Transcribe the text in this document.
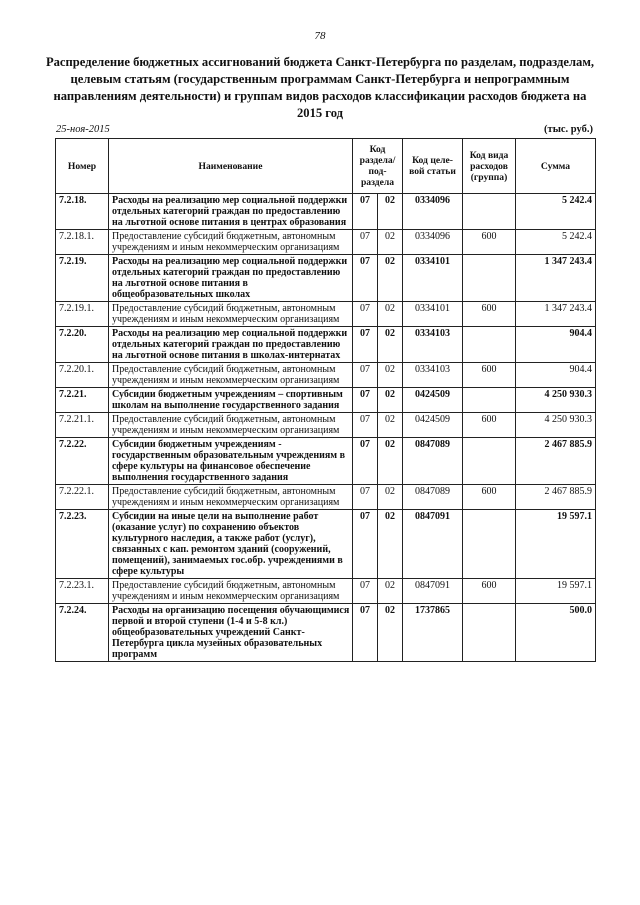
78
Распределение бюджетных ассигнований бюджета Санкт-Петербурга по разделам, подразделам, целевым статьям (государственным программам Санкт-Петербурга и непрограммным направлениям деятельности) и группам видов расходов классификации расходов бюджета на 2015 год
25-ноя-2015	(тыс. руб.)
Номер	Наименование	Код раздела/ под-раздела		Код целе-вой статьи	Код вида расходов (группа)	Сумма
7.2.18.	Расходы на реализацию мер социальной поддержки отдельных категорий граждан по предоставлению на льготной основе питания в центрах образования	07	02	0334096		5 242.4
7.2.18.1.	Предоставление субсидий бюджетным, автономным учреждениям и иным некоммерческим организациям	07	02	0334096	600	5 242.4
7.2.19.	Расходы на реализацию мер социальной поддержки отдельных категорий граждан по предоставлению на льготной основе питания в общеобразовательных школах	07	02	0334101		1 347 243.4
7.2.19.1.	Предоставление субсидий бюджетным, автономным учреждениям и иным некоммерческим организациям	07	02	0334101	600	1 347 243.4
7.2.20.	Расходы на реализацию мер социальной поддержки отдельных категорий граждан по предоставлению на льготной основе питания в школах-интернатах	07	02	0334103		904.4
7.2.20.1.	Предоставление субсидий бюджетным, автономным учреждениям и иным некоммерческим организациям	07	02	0334103	600	904.4
7.2.21.	Субсидии бюджетным учреждениям – спортивным школам на выполнение государственного задания	07	02	0424509		4 250 930.3
7.2.21.1.	Предоставление субсидий бюджетным, автономным учреждениям и иным некоммерческим организациям	07	02	0424509	600	4 250 930.3
7.2.22.	Субсидии бюджетным учреждениям - государственным образовательным учреждениям в сфере культуры на финансовое обеспечение выполнения государственного задания	07	02	0847089		2 467 885.9
7.2.22.1.	Предоставление субсидий бюджетным, автономным учреждениям и иным некоммерческим организациям	07	02	0847089	600	2 467 885.9
7.2.23.	Субсидии на иные цели на выполнение работ (оказание услуг) по сохранению объектов культурного наследия, а также работ (услуг), связанных с кап. ремонтом зданий (сооружений, помещений), занимаемых гос.обр. учреждениями в сфере культуры	07	02	0847091		19 597.1
7.2.23.1.	Предоставление субсидий бюджетным, автономным учреждениям и иным некоммерческим организациям	07	02	0847091	600	19 597.1
7.2.24.	Расходы на организацию посещения обучающимися первой и второй ступени (1-4 и 5-8 кл.) общеобразовательных учреждений Санкт-Петербурга цикла музейных образовательных программ	07	02	1737865		500.0
